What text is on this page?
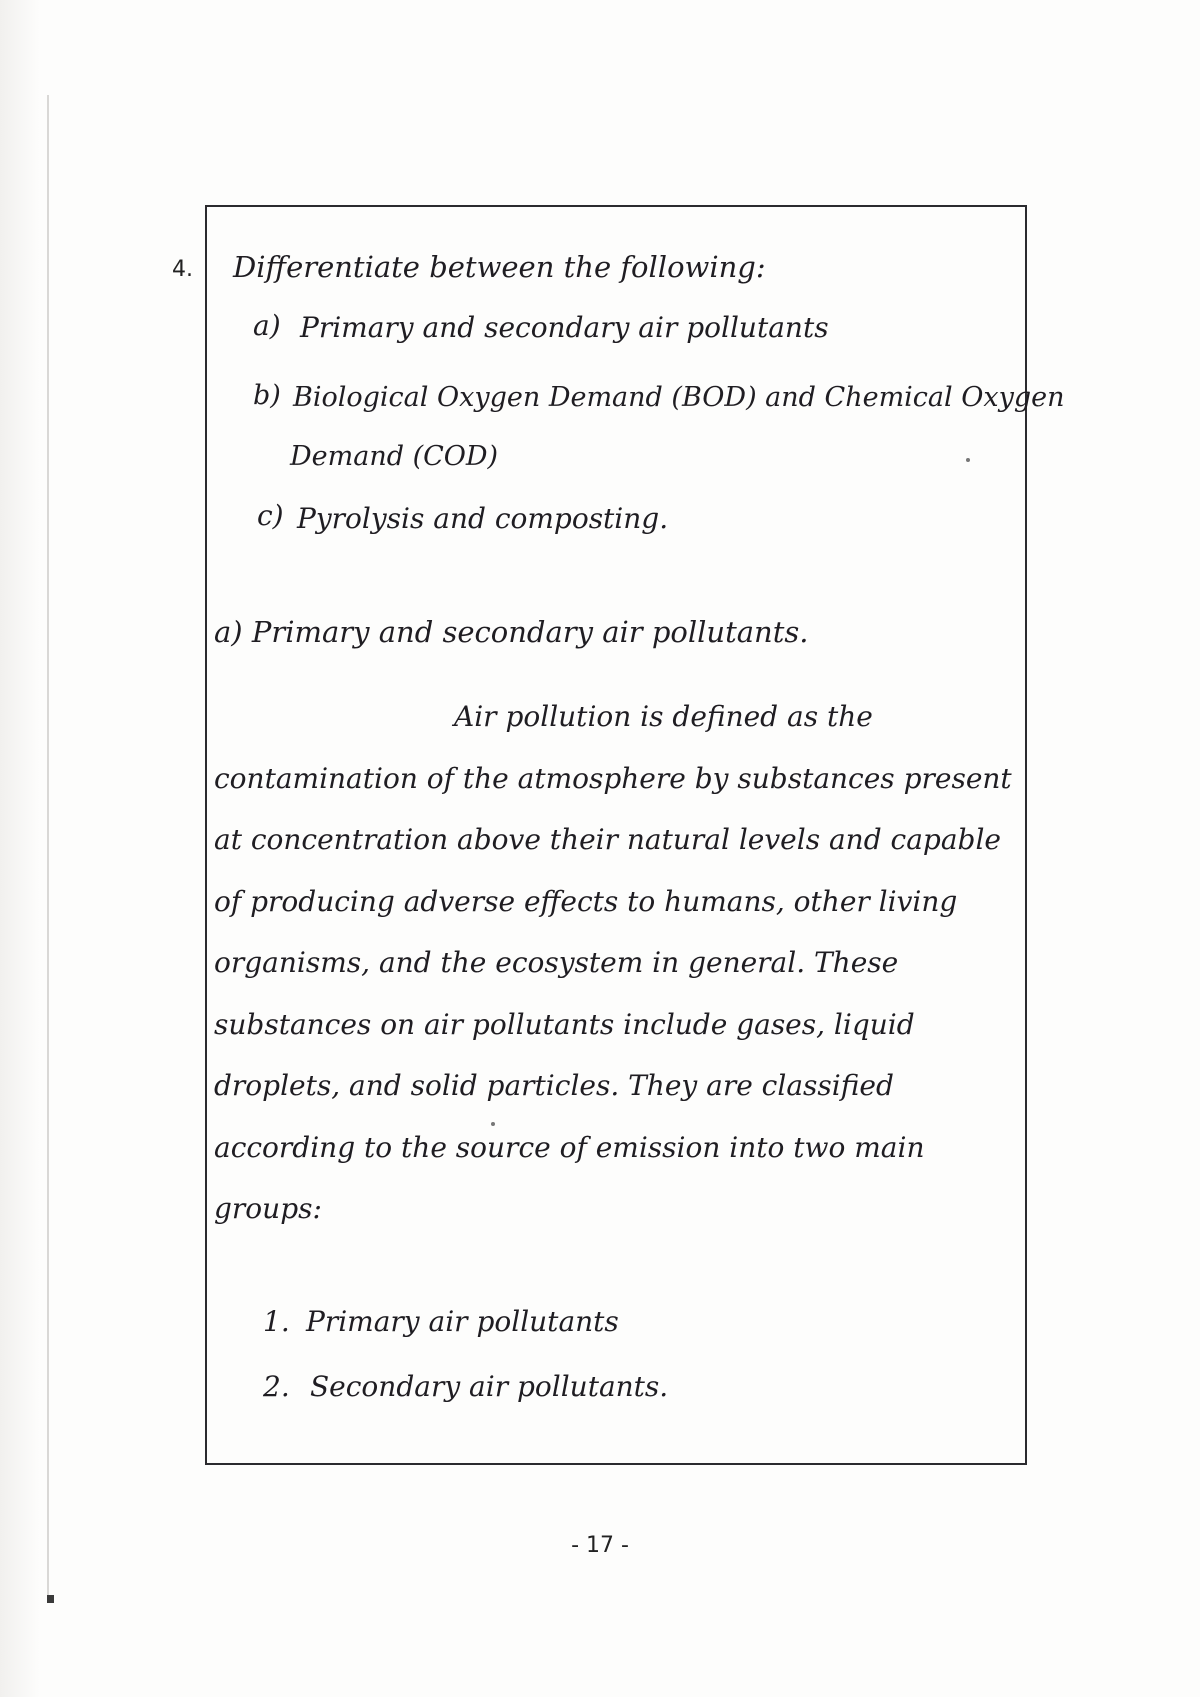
4. Differentiate between the following:
a) Primary and secondary air pollutants
b) Biological Oxygen Demand (BOD) and Chemical Oxygen
Demand (COD)
c) Pyrolysis and composting.
a) Primary and secondary air pollutants.
Air pollution is defined as the contamination of the atmosphere by substances present at concentration above their natural levels and capable of producing adverse effects to humans, other living organisms, and the ecosystem in general. These substances on air pollutants include gases, liquid droplets, and solid particles. They are classified according to the source of emission into two main groups:
1. Primary air pollutants
2. Secondary air pollutants.
- 17 -
